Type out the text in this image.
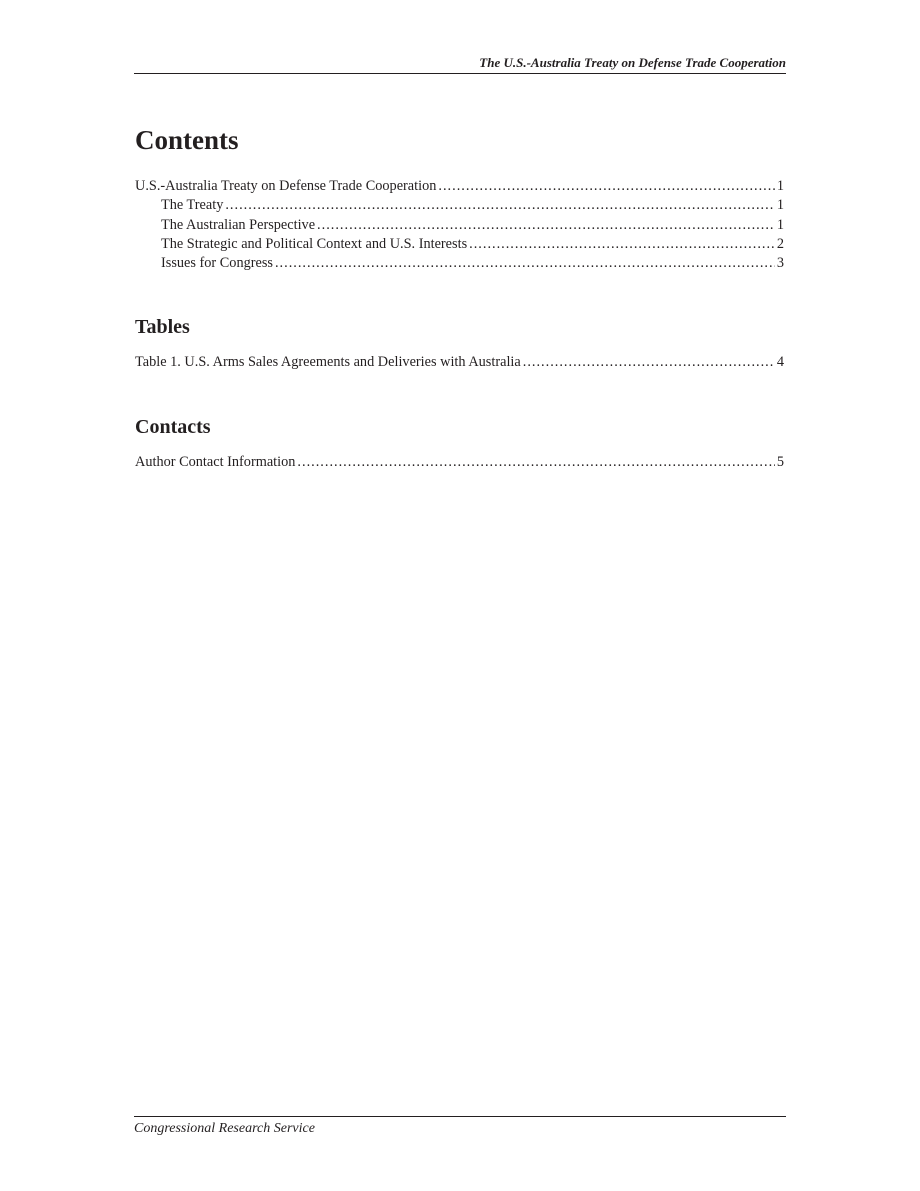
The U.S.-Australia Treaty on Defense Trade Cooperation
Contents
U.S.-Australia Treaty on Defense Trade Cooperation .....	1
The Treaty .....	1
The Australian Perspective .....	1
The Strategic and Political Context and U.S. Interests .....	2
Issues for Congress .....	3
Tables
Table 1. U.S. Arms Sales Agreements and Deliveries with Australia .....	4
Contacts
Author Contact Information .....	5
Congressional Research Service
